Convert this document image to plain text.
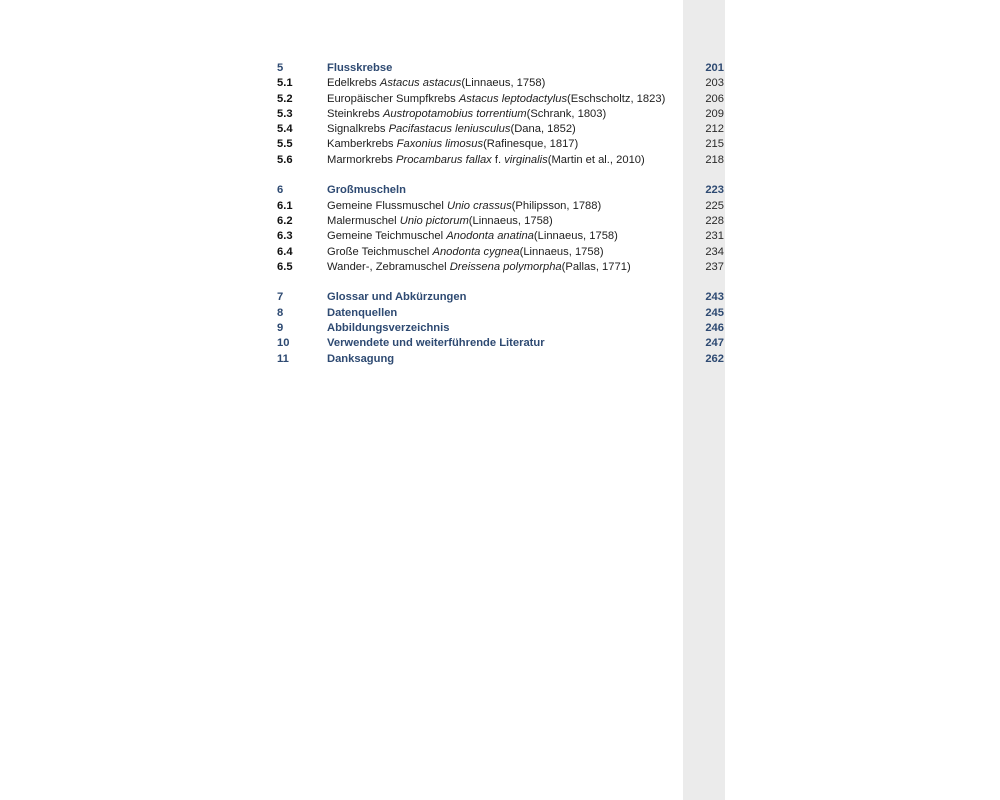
5	Flusskrebse	201
5.1	Edelkrebs Astacus astacus(Linnaeus, 1758)	203
5.2	Europäischer Sumpfkrebs Astacus leptodactylus(Eschscholtz, 1823)	206
5.3	Steinkrebs Austropotamobius torrentium(Schrank, 1803)	209
5.4	Signalkrebs Pacifastacus leniusculus(Dana, 1852)	212
5.5	Kamberkrebs Faxonius limosus(Rafinesque, 1817)	215
5.6	Marmorkrebs Procambarus fallax f. virginalis(Martin et al., 2010)	218
6	Großmuscheln	223
6.1	Gemeine Flussmuschel Unio crassus(Philipsson, 1788)	225
6.2	Malermuschel Unio pictorum(Linnaeus, 1758)	228
6.3	Gemeine Teichmuschel Anodonta anatina(Linnaeus, 1758)	231
6.4	Große Teichmuschel Anodonta cygnea(Linnaeus, 1758)	234
6.5	Wander-, Zebramuschel Dreissena polymorpha(Pallas, 1771)	237
7	Glossar und Abkürzungen	243
8	Datenquellen	245
9	Abbildungsverzeichnis	246
10	Verwendete und weiterführende Literatur	247
11	Danksagung	262
